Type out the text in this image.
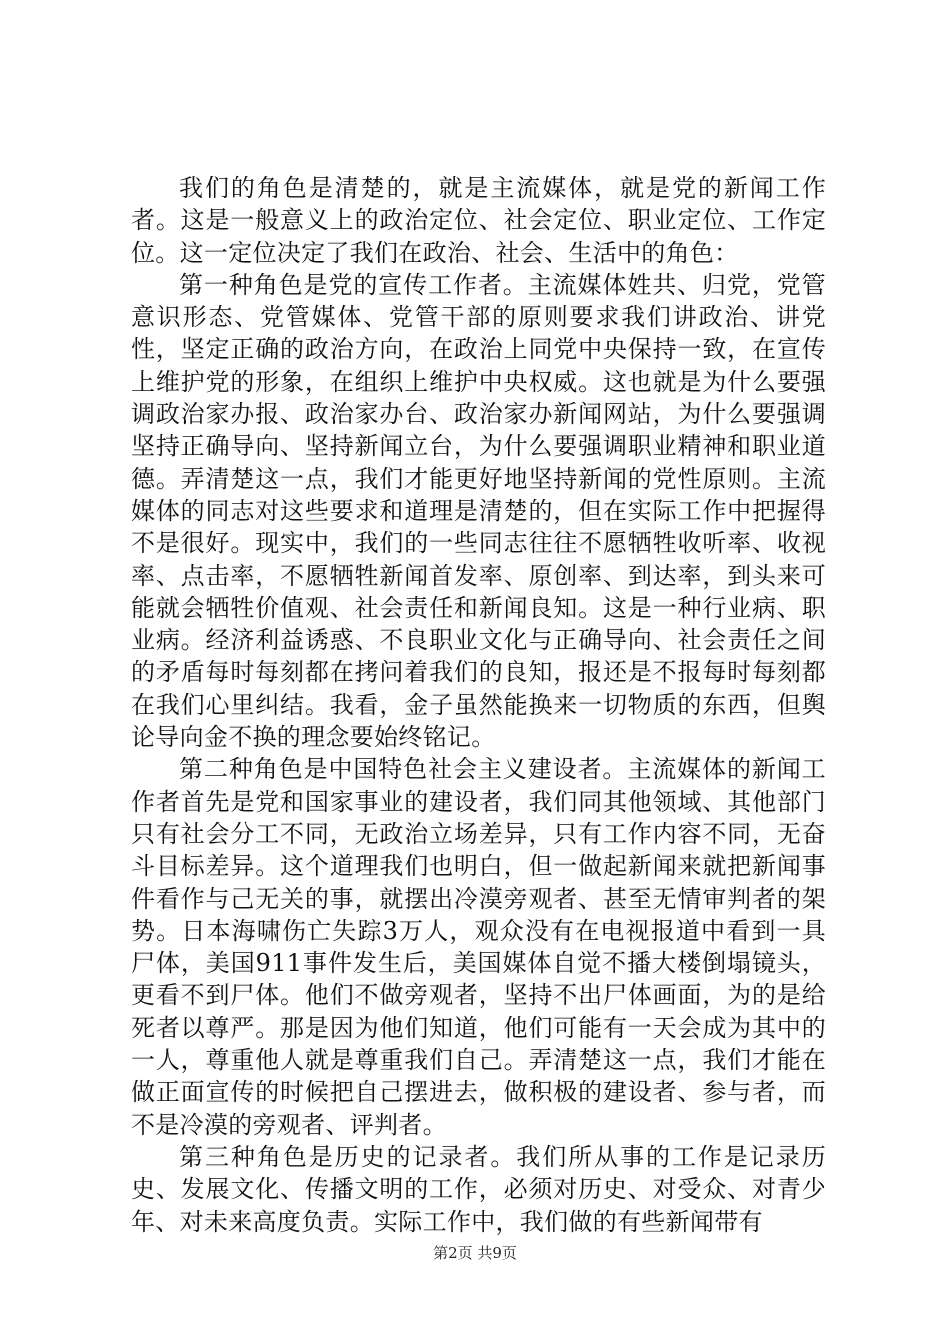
我们的角色是清楚的，就是主流媒体，就是党的新闻工作者。这是一般意义上的政治定位、社会定位、职业定位、工作定位。这一定位决定了我们在政治、社会、生活中的角色：

第一种角色是党的宣传工作者。主流媒体姓共、归党，党管意识形态、党管媒体、党管干部的原则要求我们讲政治、讲党性，坚定正确的政治方向，在政治上同党中央保持一致，在宣传上维护党的形象，在组织上维护中央权威。这也就是为什么要强调政治家办报、政治家办台、政治家办新闻网站，为什么要强调坚持正确导向、坚持新闻立台，为什么要强调职业精神和职业道德。弄清楚这一点，我们才能更好地坚持新闻的党性原则。主流媒体的同志对这些要求和道理是清楚的，但在实际工作中把握得不是很好。现实中，我们的一些同志往往不愿牺牲收听率、收视率、点击率，不愿牺牲新闻首发率、原创率、到达率，到头来可能就会牺牲价值观、社会责任和新闻良知。这是一种行业病、职业病。经济利益诱惑、不良职业文化与正确导向、社会责任之间的矛盾每时每刻都在拷问着我们的良知，报还是不报每时每刻都在我们心里纠结。我看，金子虽然能换来一切物质的东西，但舆论导向金不换的理念要始终铭记。

第二种角色是中国特色社会主义建设者。主流媒体的新闻工作者首先是党和国家事业的建设者，我们同其他领域、其他部门只有社会分工不同，无政治立场差异，只有工作内容不同，无奋斗目标差异。这个道理我们也明白，但一做起新闻来就把新闻事件看作与己无关的事，就摆出冷漠旁观者、甚至无情审判者的架势。日本海啸伤亡失踪3万人，观众没有在电视报道中看到一具尸体，美国911事件发生后，美国媒体自觉不播大楼倒塌镜头，更看不到尸体。他们不做旁观者，坚持不出尸体画面，为的是给死者以尊严。那是因为他们知道，他们可能有一天会成为其中的一人，尊重他人就是尊重我们自己。弄清楚这一点，我们才能在做正面宣传的时候把自己摆进去，做积极的建设者、参与者，而不是冷漠的旁观者、评判者。

第三种角色是历史的记录者。我们所从事的工作是记录历史、发展文化、传播文明的工作，必须对历史、对受众、对青少年、对未来高度负责。实际工作中，我们做的有些新闻带有

第2页 共9页
